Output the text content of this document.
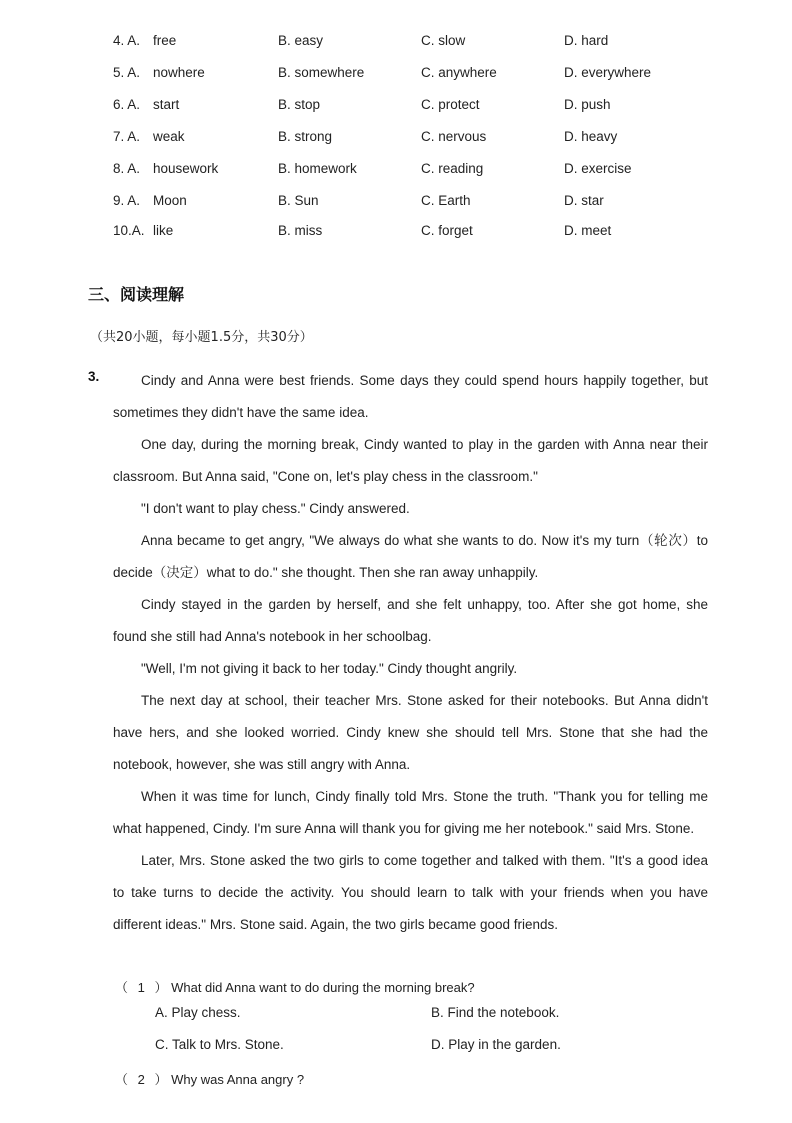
4. A. free	B. easy	C. slow	D. hard
5. A. nowhere	B. somewhere	C. anywhere	D. everywhere
6. A. start	B. stop	C. protect	D. push
7. A. weak	B. strong	C. nervous	D. heavy
8. A. housework	B. homework	C. reading	D. exercise
9. A. Moon	B. Sun	C. Earth	D. star
10.A. like	B. miss	C. forget	D. meet
三、阅读理解
（共20小题，每小题1.5分，共30分）
3.	Cindy and Anna were best friends. Some days they could spend hours happily together, but sometimes they didn't have the same idea.

One day, during the morning break, Cindy wanted to play in the garden with Anna near their classroom. But Anna said, "Cone on, let's play chess in the classroom."

"I don't want to play chess." Cindy answered.

Anna became to get angry, "We always do what she wants to do. Now it's my turn（轮次）to decide（决定）what to do." she thought. Then she ran away unhappily.

Cindy stayed in the garden by herself, and she felt unhappy, too. After she got home, she found she still had Anna's notebook in her schoolbag.

"Well, I'm not giving it back to her today." Cindy thought angrily.

The next day at school, their teacher Mrs. Stone asked for their notebooks. But Anna didn't have hers, and she looked worried. Cindy knew she should tell Mrs. Stone that she had the notebook, however, she was still angry with Anna.

When it was time for lunch, Cindy finally told Mrs. Stone the truth. "Thank you for telling me what happened, Cindy. I'm sure Anna will thank you for giving me her notebook." said Mrs. Stone.

Later, Mrs. Stone asked the two girls to come together and talked with them. "It's a good idea to take turns to decide the activity. You should learn to talk with your friends when you have different ideas." Mrs. Stone said. Again, the two girls became good friends.

（ 1 ） What did Anna want to do during the morning break?
A. Play chess.	B. Find the notebook.
C. Talk to Mrs. Stone.	D. Play in the garden.
（ 2 ） Why was Anna angry ?
